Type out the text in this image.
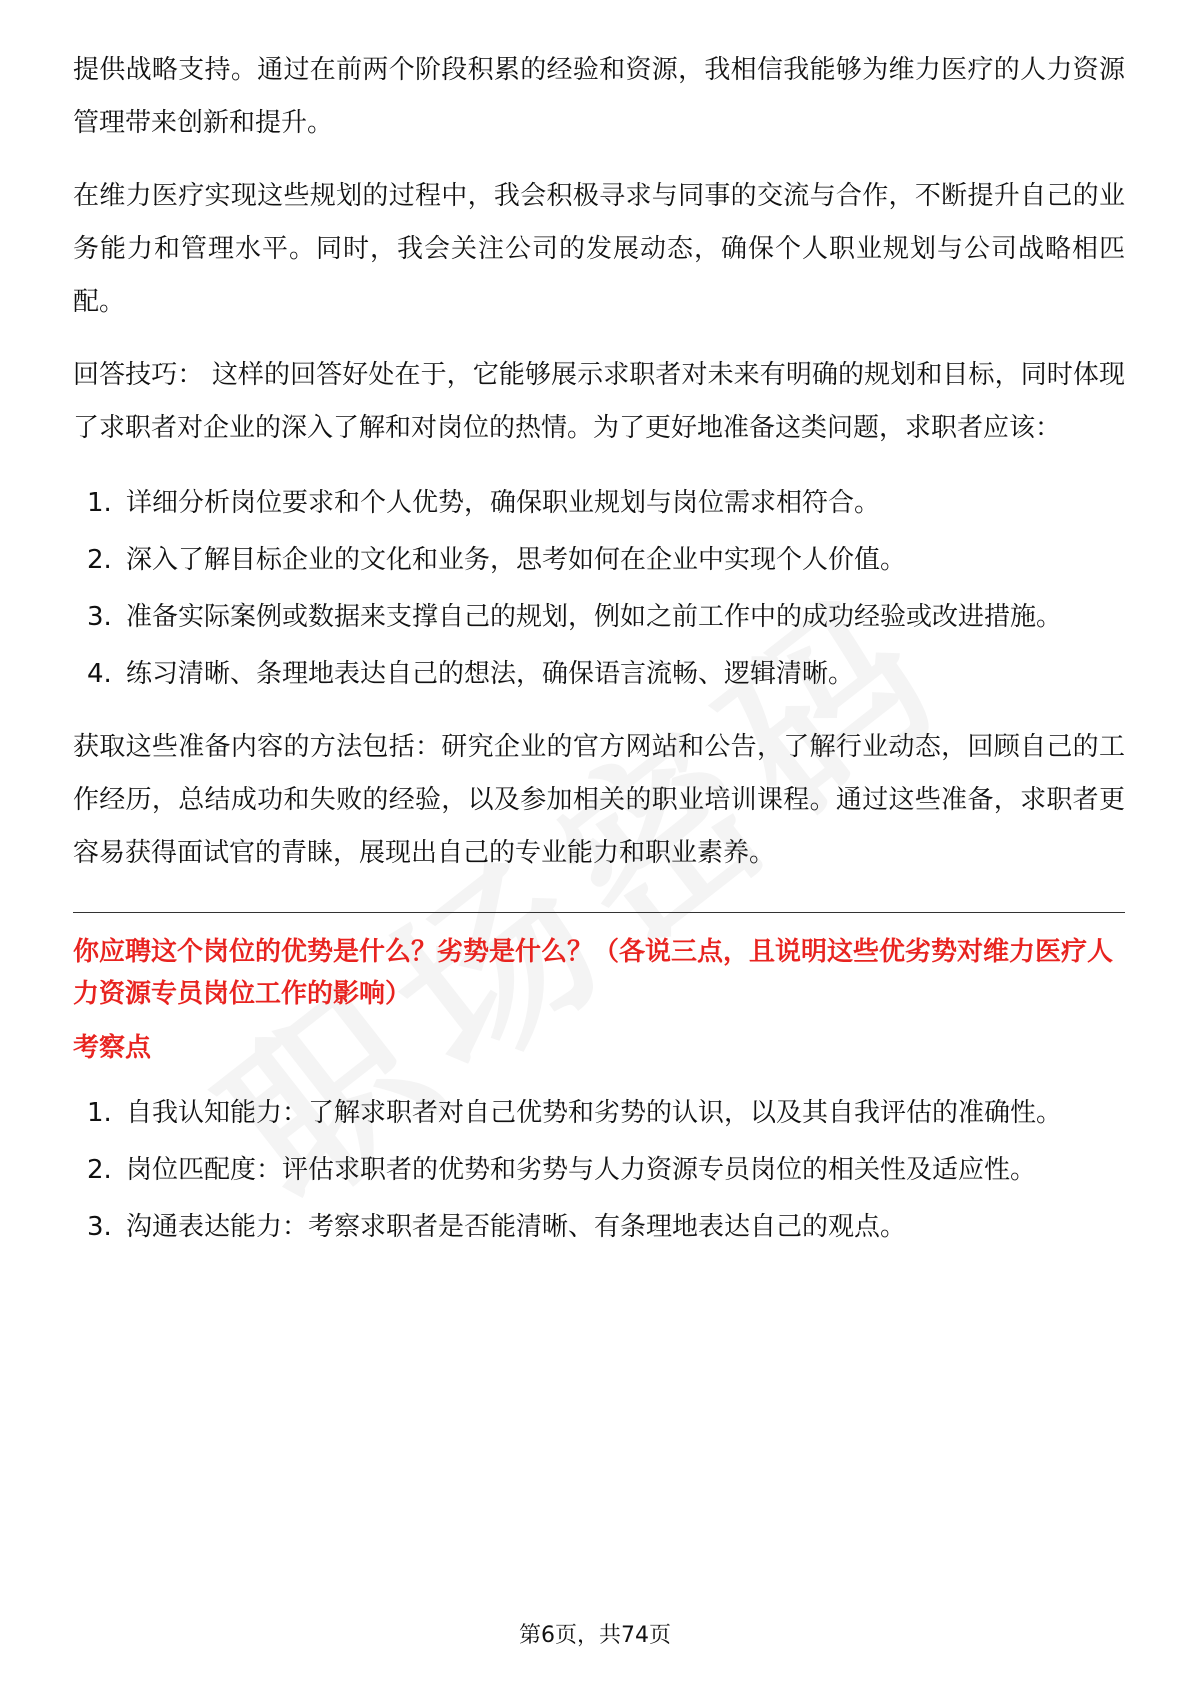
提供战略支持。通过在前两个阶段积累的经验和资源，我相信我能够为维力医疗的人力资源管理带来创新和提升。

在维力医疗实现这些规划的过程中，我会积极寻求与同事的交流与合作，不断提升自己的业务能力和管理水平。同时，我会关注公司的发展动态，确保个人职业规划与公司战略相匹配。

回答技巧： 这样的回答好处在于，它能够展示求职者对未来有明确的规划和目标，同时体现了求职者对企业的深入了解和对岗位的热情。为了更好地准备这类问题，求职者应该：

1. 详细分析岗位要求和个人优势，确保职业规划与岗位需求相符合。
2. 深入了解目标企业的文化和业务，思考如何在企业中实现个人价值。
3. 准备实际案例或数据来支撑自己的规划，例如之前工作中的成功经验或改进措施。
4. 练习清晰、条理地表达自己的想法，确保语言流畅、逻辑清晰。

获取这些准备内容的方法包括：研究企业的官方网站和公告，了解行业动态，回顾自己的工作经历，总结成功和失败的经验，以及参加相关的职业培训课程。通过这些准备，求职者更容易获得面试官的青睐，展现出自己的专业能力和职业素养。

你应聘这个岗位的优势是什么？劣势是什么？（各说三点，且说明这些优劣势对维力医疗人力资源专员岗位工作的影响）

考察点

1. 自我认知能力：了解求职者对自己优势和劣势的认识，以及其自我评估的准确性。
2. 岗位匹配度：评估求职者的优势和劣势与人力资源专员岗位的相关性及适应性。
3. 沟通表达能力：考察求职者是否能清晰、有条理地表达自己的观点。
第6页，共74页
